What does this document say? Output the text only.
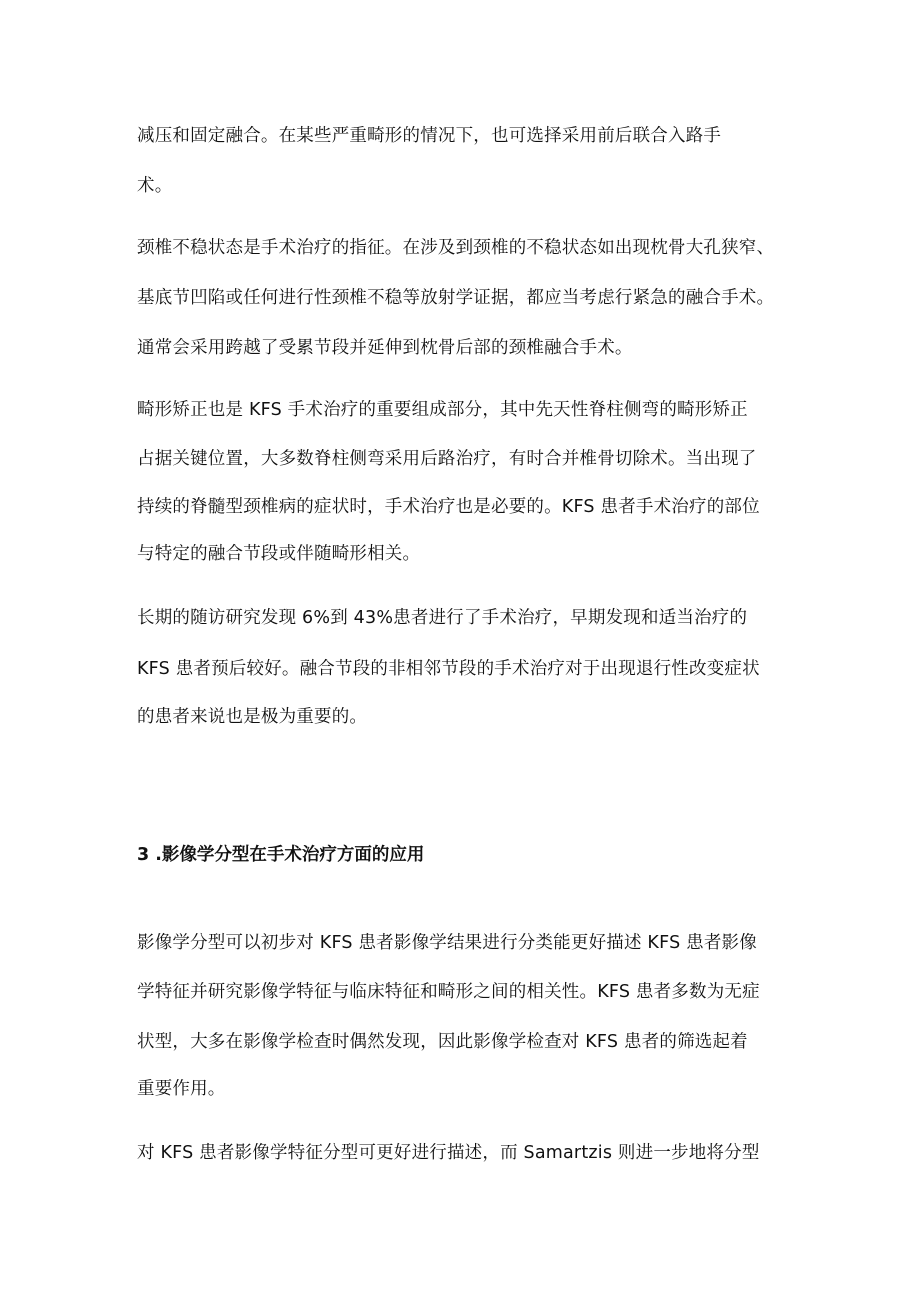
减压和固定融合。在某些严重畸形的情况下，也可选择采用前后联合入路手
术。
颈椎不稳状态是手术治疗的指征。在涉及到颈椎的不稳状态如出现枕骨大孔狭窄、
基底节凹陷或任何进行性颈椎不稳等放射学证据，都应当考虑行紧急的融合手术。
通常会采用跨越了受累节段并延伸到枕骨后部的颈椎融合手术。
畸形矫正也是 KFS 手术治疗的重要组成部分，其中先天性脊柱侧弯的畸形矫正
占据关键位置，大多数脊柱侧弯采用后路治疗，有时合并椎骨切除术。当出现了
持续的脊髓型颈椎病的症状时，手术治疗也是必要的。KFS 患者手术治疗的部位
与特定的融合节段或伴随畸形相关。
长期的随访研究发现 6%到 43%患者进行了手术治疗，早期发现和适当治疗的
KFS 患者预后较好。融合节段的非相邻节段的手术治疗对于出现退行性改变症状
的患者来说也是极为重要的。
3 .影像学分型在手术治疗方面的应用
影像学分型可以初步对 KFS 患者影像学结果进行分类能更好描述 KFS 患者影像
学特征并研究影像学特征与临床特征和畸形之间的相关性。KFS 患者多数为无症
状型，大多在影像学检查时偶然发现，因此影像学检查对 KFS 患者的筛选起着
重要作用。
对 KFS 患者影像学特征分型可更好进行描述，而 Samartzis 则进一步地将分型
